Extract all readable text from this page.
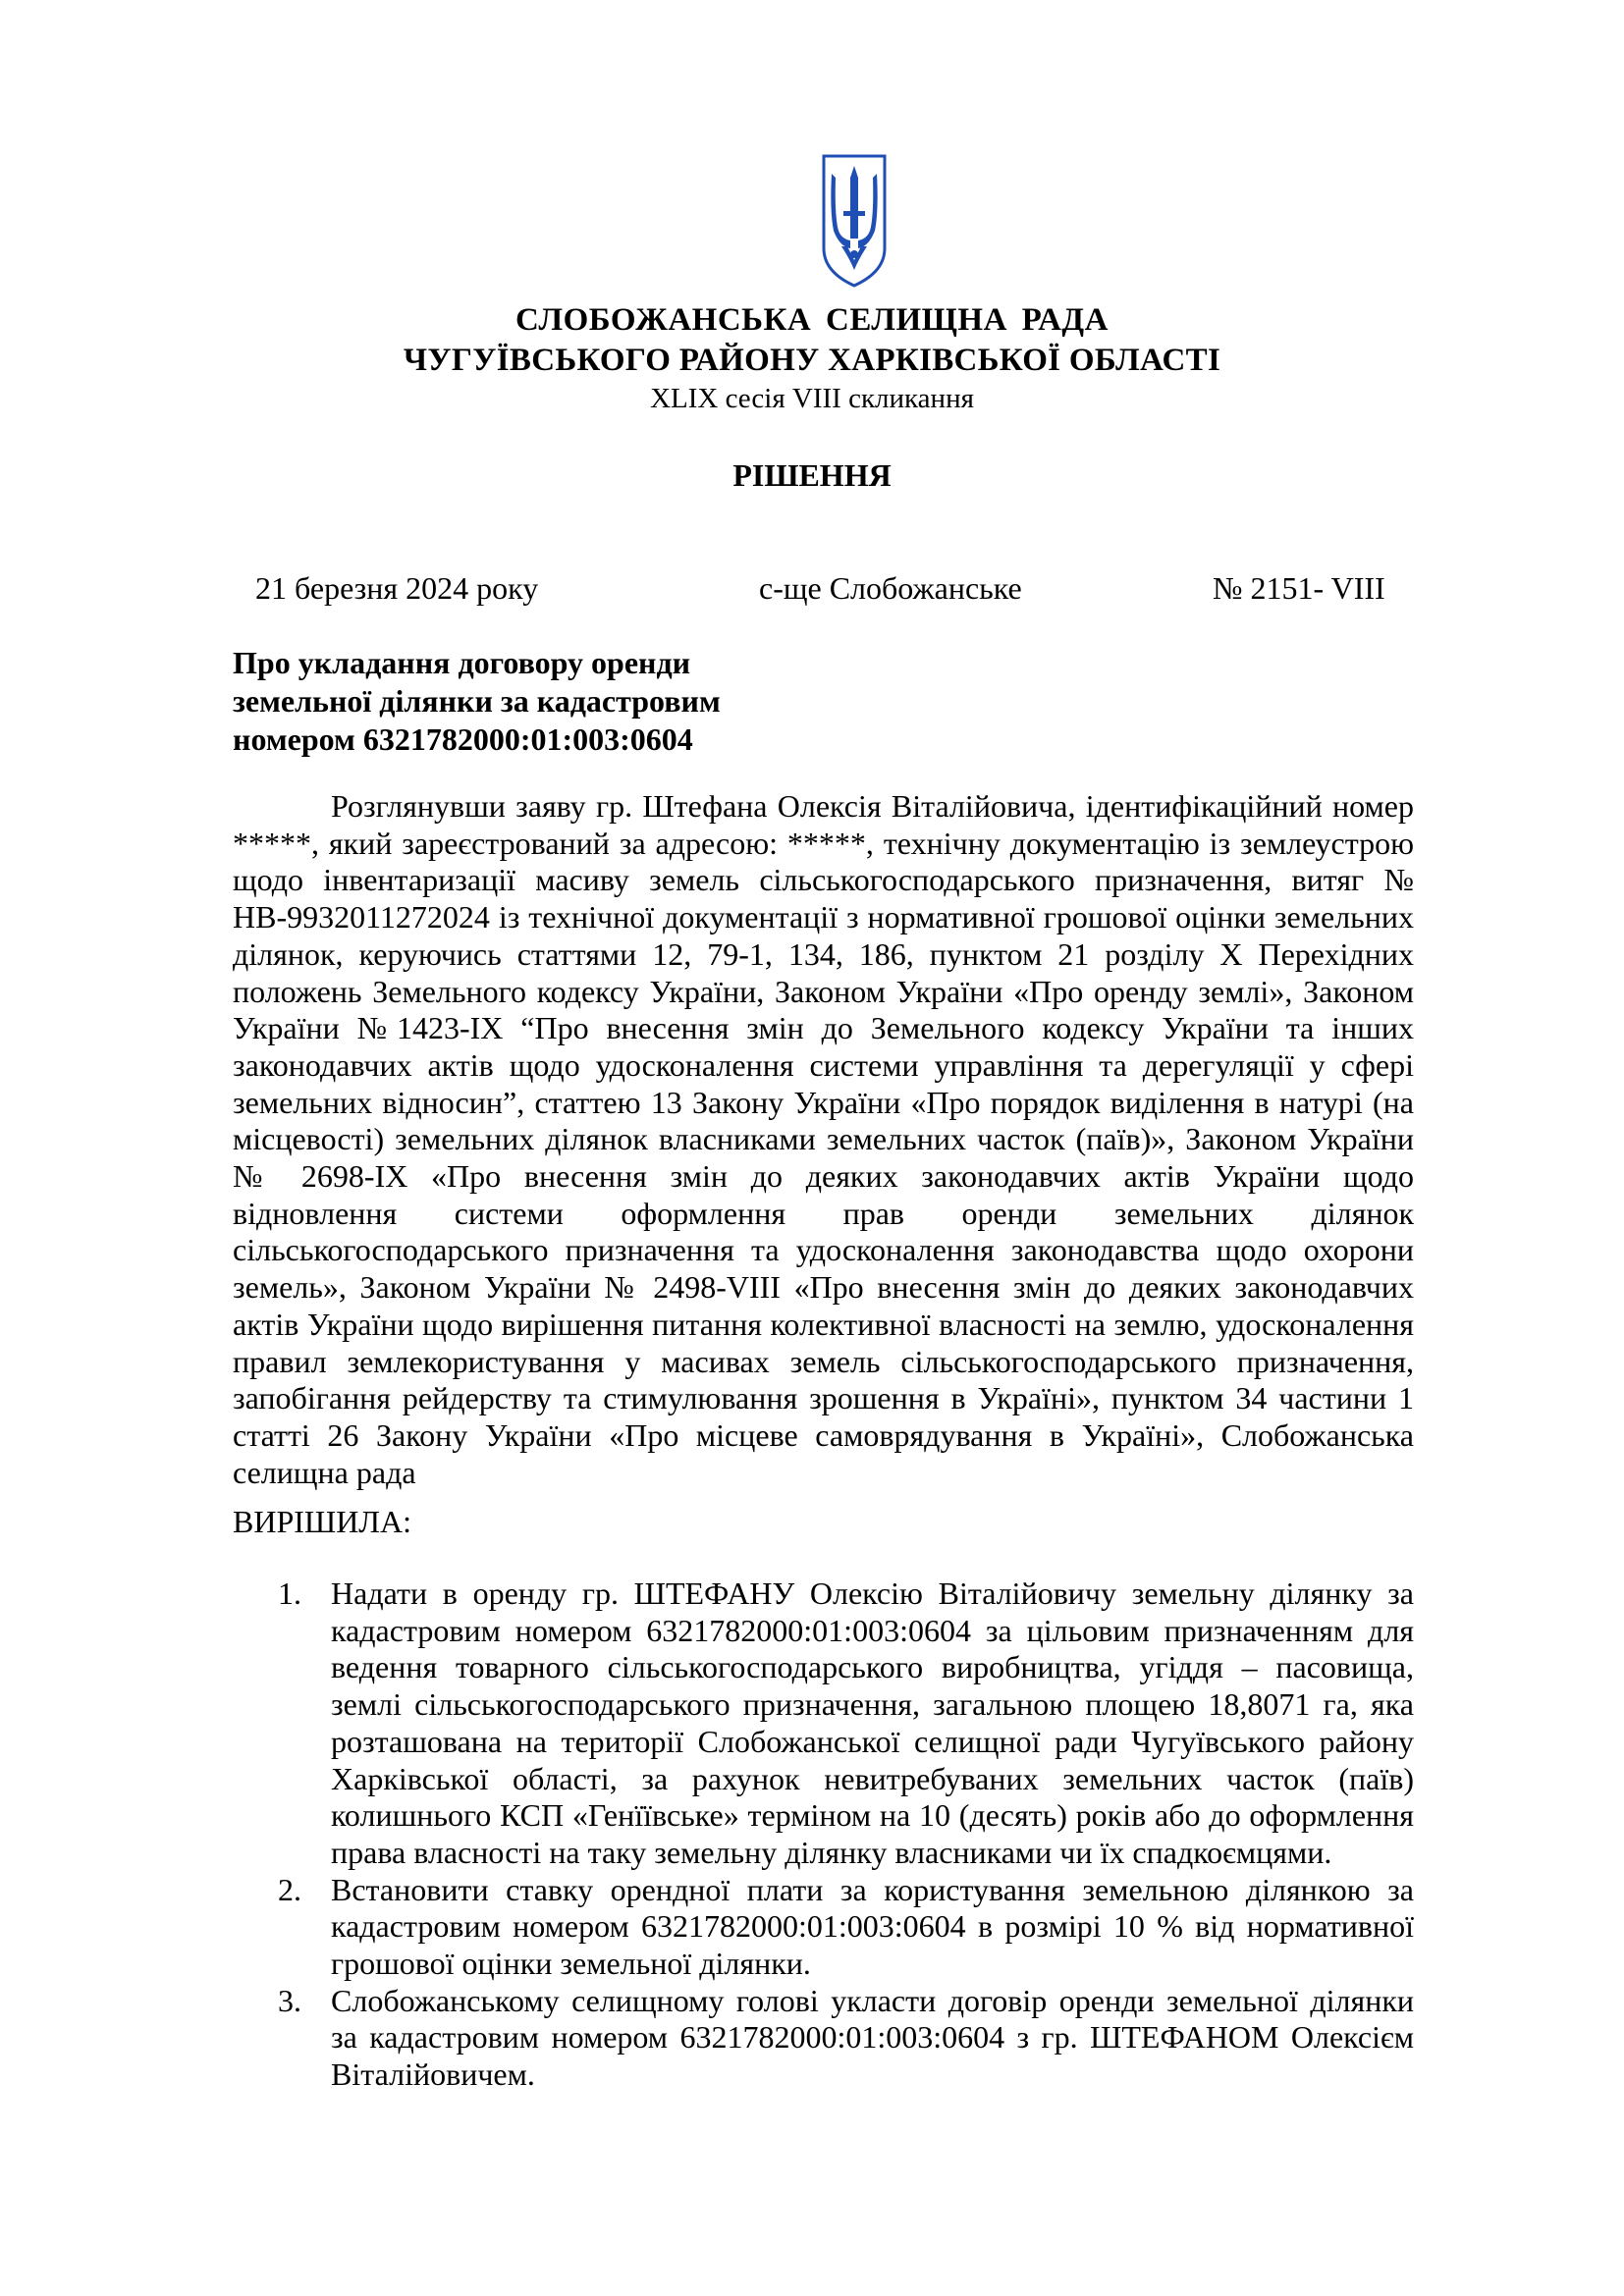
СЛОБОЖАНСЬКА СЕЛИЩНА РАДА
ЧУГУЇВСЬКОГО РАЙОНУ ХАРКІВСЬКОЇ ОБЛАСТІ
XLIX сесія VIII скликання
РІШЕННЯ
21 березня 2024 року	с-ще Слобожанське	№ 2151- VIII
Про укладання договору оренди
земельної ділянки за кадастровим
номером 6321782000:01:003:0604

Розглянувши заяву гр. Штефана Олексія Віталійовича, ідентифікаційний номер *****, який зареєстрований за адресою: *****, технічну документацію із землеустрою щодо інвентаризації масиву земель сільськогосподарського призначення, витяг № НВ-9932011272024 із технічної документації з нормативної грошової оцінки земельних ділянок, керуючись статтями 12, 79-1, 134, 186, пунктом 21 розділу Х Перехідних положень Земельного кодексу України, Законом України «Про оренду землі», Законом України №1423-IX “Про внесення змін до Земельного кодексу України та інших законодавчих актів щодо удосконалення системи управління та дерегуляції у сфері земельних відносин”, статтею 13 Закону України «Про порядок виділення в натурі (на місцевості) земельних ділянок власниками земельних часток (паїв)», Законом України № 2698-IX «Про внесення змін до деяких законодавчих актів України щодо відновлення системи оформлення прав оренди земельних ділянок сільськогосподарського призначення та удосконалення законодавства щодо охорони земель», Законом України № 2498-VIII «Про внесення змін до деяких законодавчих актів України щодо вирішення питання колективної власності на землю, удосконалення правил землекористування у масивах земель сільськогосподарського призначення, запобігання рейдерству та стимулювання зрошення в Україні», пунктом 34 частини 1 статті 26 Закону України «Про місцеве самоврядування в Україні», Слобожанська селищна рада

ВИРІШИЛА:
1. Надати в оренду гр. ШТЕФАНУ Олексію Віталійовичу земельну ділянку за кадастровим номером 6321782000:01:003:0604 за цільовим призначенням для ведення товарного сільськогосподарського виробництва, угіддя – пасовища, землі сільськогосподарського призначення, загальною площею 18,8071 га, яка розташована на території Слобожанської селищної ради Чугуївського району Харківської області, за рахунок невитребуваних земельних часток (паїв) колишнього КСП «Генїївське» терміном на 10 (десять) років або до оформлення права власності на таку земельну ділянку власниками чи їх спадкоємцями.
2. Встановити ставку орендної плати за користування земельною ділянкою за кадастровим номером 6321782000:01:003:0604 в розмірі 10 % від нормативної грошової оцінки земельної ділянки.
3. Слобожанському селищному голові укласти договір оренди земельної ділянки за кадастровим номером 6321782000:01:003:0604 з гр. ШТЕФАНОМ Олексієм Віталійовичем.
